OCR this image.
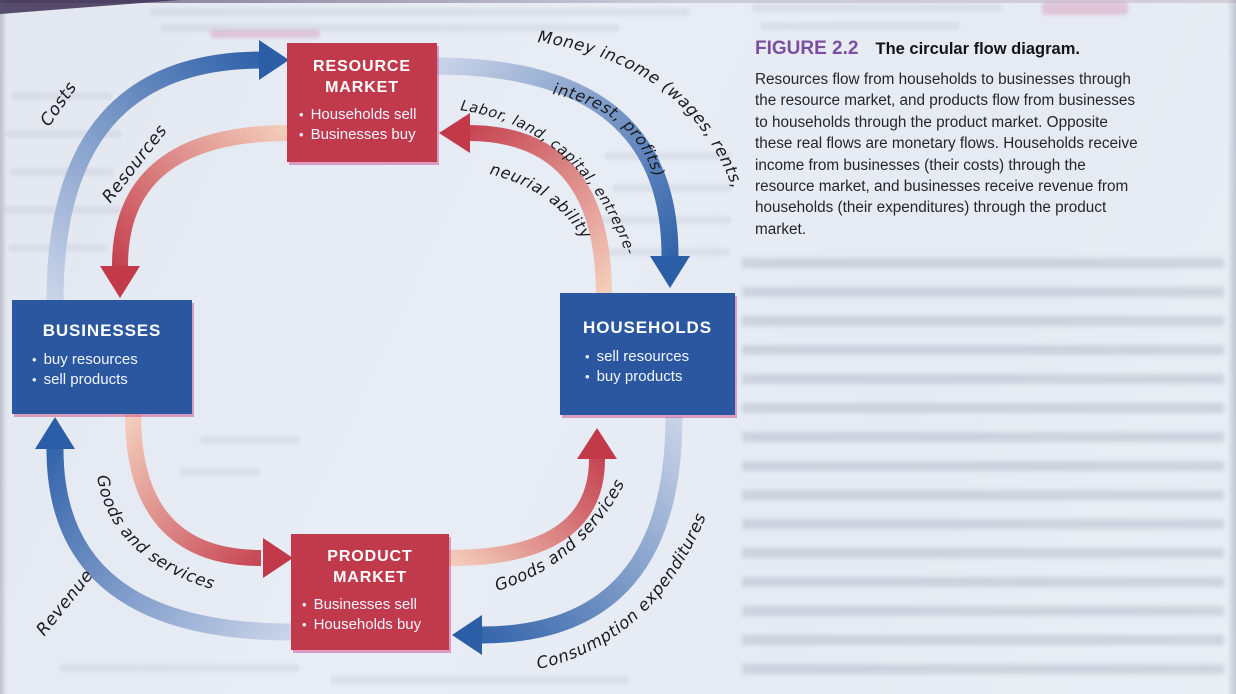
Costs
Resources
Revenue
Money income (wages, rents,
interest, profits)
Labor, land, capital, entrepre-
neurial ability
Goods and services	Goods and services
Consumption expenditures
RESOURCE
MARKET
• Households sell
• Businesses buy
BUSINESSES
• buy resources
• sell products
HOUSEHOLDS
• sell resources
• buy products
PRODUCT
MARKET
• Businesses sell
• Households buy
FIGURE 2.2 The circular flow diagram.
Resources flow from households to businesses through
the resource market, and products flow from businesses
to households through the product market. Opposite
these real flows are monetary flows. Households receive
income from businesses (their costs) through the
resource market, and businesses receive revenue from
households (their expenditures) through the product
market.
